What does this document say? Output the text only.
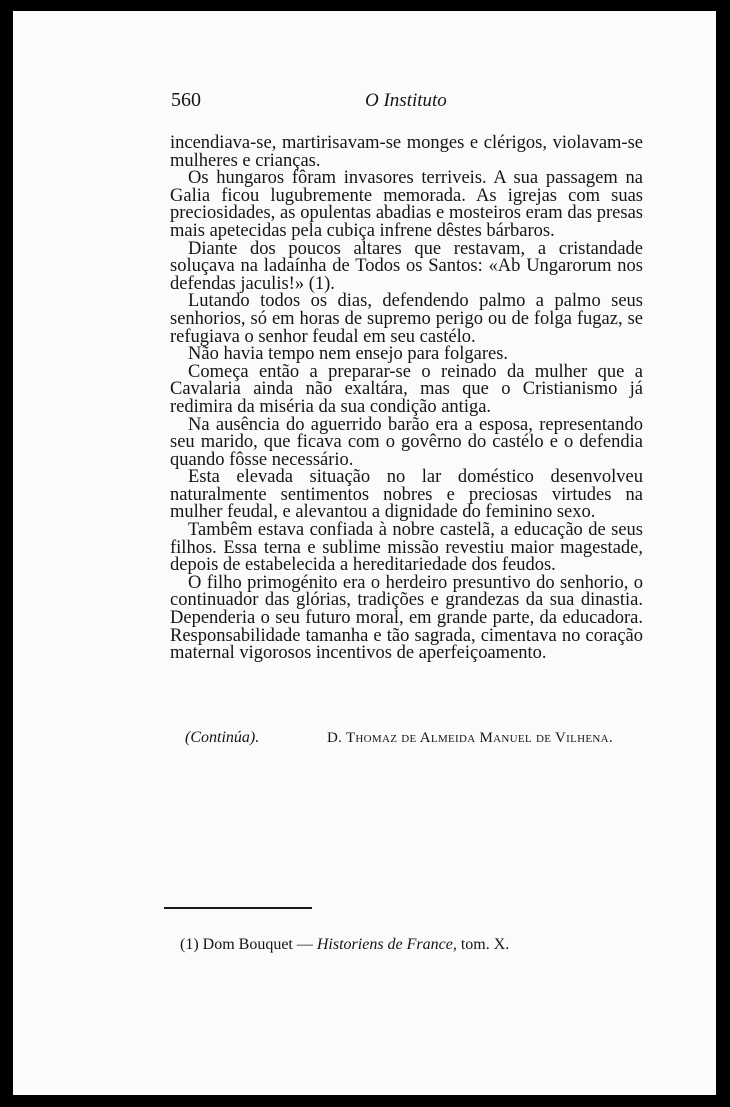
560	O Instituto

incendiava-se, martirisavam-se monges e clérigos, violavam-se mulheres e crianças.

Os hungaros fôram invasores terriveis. A sua passagem na Galia ficou lugubremente memorada. As igrejas com suas preciosidades, as opulentas abadias e mosteiros eram das presas mais apetecidas pela cubiça infrene dêstes bárbaros.

Diante dos poucos altares que restavam, a cristandade soluçava na ladaínha de Todos os Santos: «Ab Ungarorum nos defendas jaculis!» (1).

Lutando todos os dias, defendendo palmo a palmo seus senhorios, só em horas de supremo perigo ou de folga fugaz, se refugiava o senhor feudal em seu castélo.

Não havia tempo nem ensejo para folgares.

Começa então a preparar-se o reinado da mulher que a Cavalaria ainda não exaltára, mas que o Cristianismo já redimira da miséria da sua condição antiga.

Na ausência do aguerrido barão era a esposa, representando seu marido, que ficava com o govêrno do castélo e o defendia quando fôsse necessário.

Esta elevada situação no lar doméstico desenvolveu naturalmente sentimentos nobres e preciosas virtudes na mulher feudal, e alevantou a dignidade do feminino sexo.

Tambêm estava confiada à nobre castelã, a educação de seus filhos. Essa terna e sublime missão revestiu maior magestade, depois de estabelecida a hereditariedade dos feudos.

O filho primogénito era o herdeiro presuntivo do senhorio, o continuador das glórias, tradições e grandezas da sua dinastia. Dependeria o seu futuro moral, em grande parte, da educadora. Responsabilidade tamanha e tão sagrada, cimentava no coração maternal vigorosos incentivos de aperfeiçoamento.

(Continúa).	D. Thomaz de Almeida Manuel de Vilhena.
(1) Dom Bouquet — Historiens de France, tom. X.
